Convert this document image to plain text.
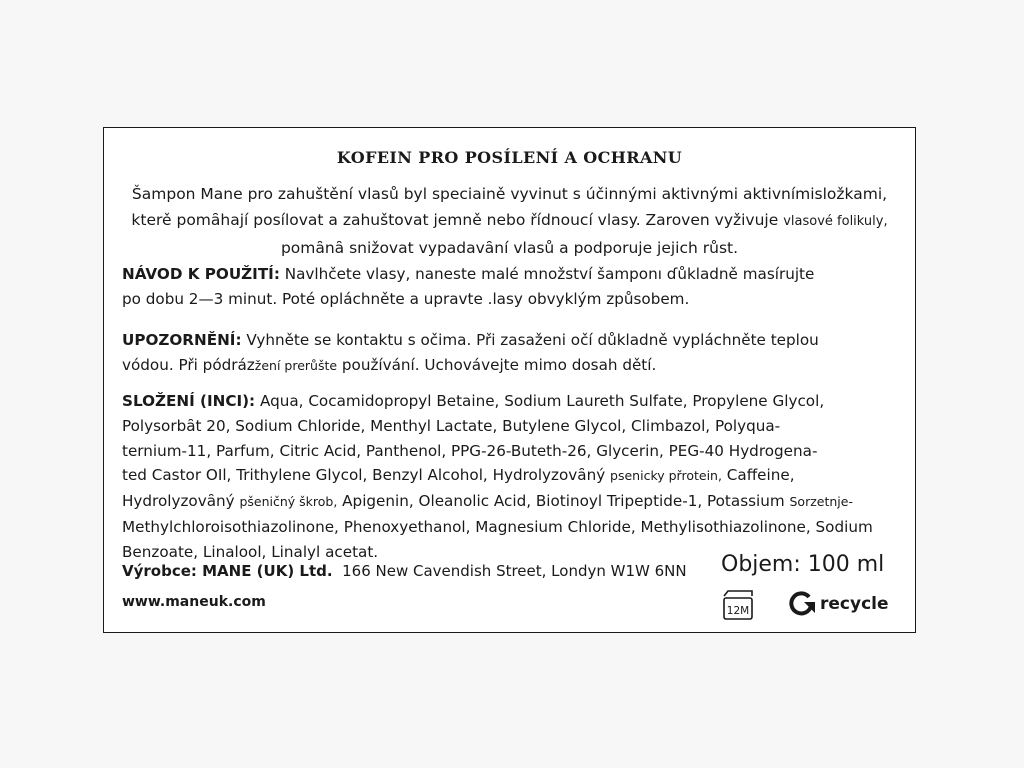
KOFEIN PRO POSÍLENÍ A OCHRANU
Šampon Mane pro zahuštění vlasů byl speciaině vyvinut s účinnými aktivnými aktivnímisložkami,
kterě pomȃhají posílovat a zahuštovat jemně nebo řídnoucí vlasy. Zaroven vyživuje vlasové folikuly,
pomȃnȃ snižovat vypadavȃní vlasů a podporuje jejich růst.
NÁVOD K POUŽITÍ: Navlhčete vlasy, naneste malé množství šamponı ɗůkladně masírujte
po dobu 2—3 minut. Poté opláchněte a upravte .lasy obvyklým způsobem.
UPOZORNĚNÍ: Vyhněte se kontaktu s očima. Při zasaženi očí důkladně vypláchněte teplou
vódou. Při pódrázžení prerůšte používání. Uchovávejte mimo dosah dětí.
SLOŽENÍ (INCI): Aqua, Cocamidopropyl Betaine, Sodium Laureth Sulfate, Propylene Glycol,
Polysorbȃt 20, Sodium Chloride, Menthyl Lactate, Butylene Glycol, Climbazol, Polyqua-
ternium-11, Parfum, Citric Acid, Panthenol, PPG-26-Buteth-26, Glycerin, PEG-40 Hydrogena-
ted Castor OIl, Trithylene Glycol, Benzyl Alcohol, Hydrolyzovȃný psenicky přrotein, Caffeine,
Hydrolyzovȃný pšeničný škrob, Apigenin, Oleanolic Acid, Biotinoyl Tripeptide-1, Potassium Sorzetnje-
Methylchloroisothiazolinone, Phenoxyethanol, Magnesium Chloride, Methylisothiazolinone, Sodium
Benzoate, Linalool, Linalyl acetat.
Výrobce: MANE (UK) Ltd. 166 New Cavendish Street, Londyn W1W 6NN
www.maneuk.com
Objem: 100 ml
12M	recycle
